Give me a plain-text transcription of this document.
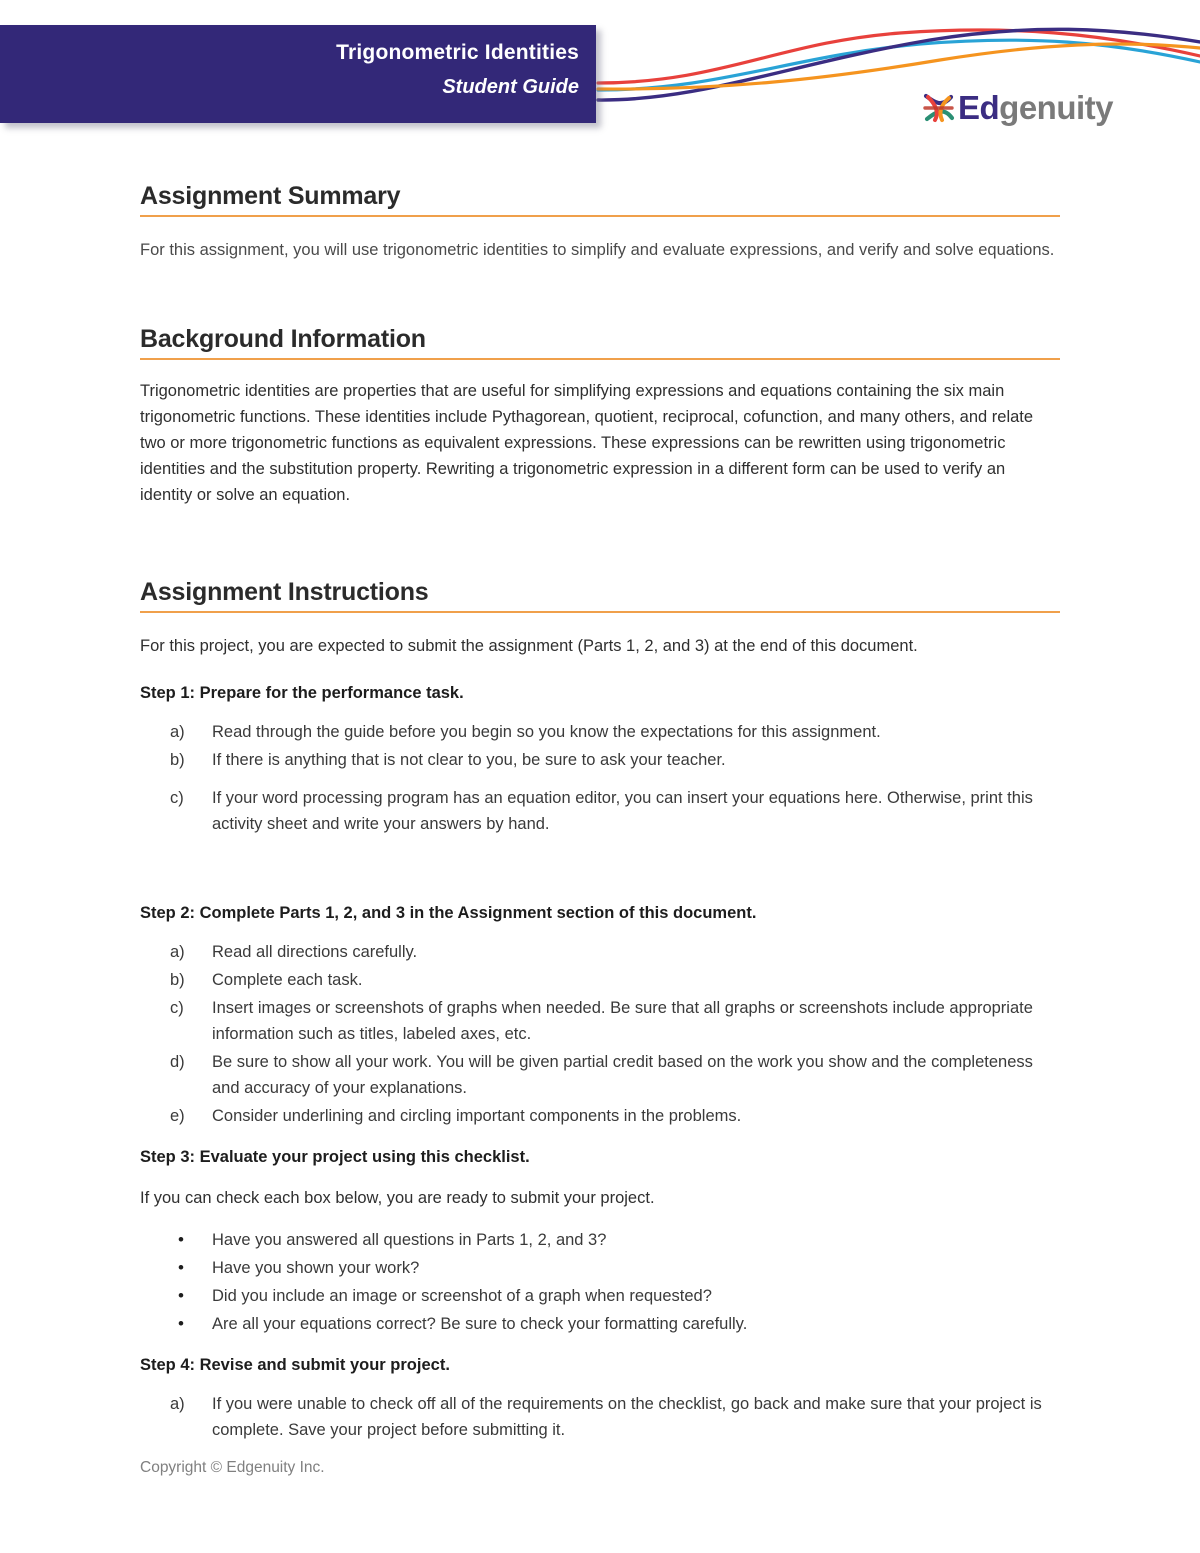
Trigonometric Identities
Student Guide
Edgenuity
Assignment Summary

For this assignment, you will use trigonometric identities to simplify and evaluate expressions, and verify and solve equations.

Background Information

Trigonometric identities are properties that are useful for simplifying expressions and equations containing the six main trigonometric functions. These identities include Pythagorean, quotient, reciprocal, cofunction, and many others, and relate two or more trigonometric functions as equivalent expressions. These expressions can be rewritten using trigonometric identities and the substitution property. Rewriting a trigonometric expression in a different form can be used to verify an identity or solve an equation.

Assignment Instructions

For this project, you are expected to submit the assignment (Parts 1, 2, and 3) at the end of this document.

Step 1: Prepare for the performance task.

a)	Read through the guide before you begin so you know the expectations for this assignment.
b)	If there is anything that is not clear to you, be sure to ask your teacher.
c)	If your word processing program has an equation editor, you can insert your equations here. Otherwise, print this activity sheet and write your answers by hand.

Step 2: Complete Parts 1, 2, and 3 in the Assignment section of this document.

a)	Read all directions carefully.
b)	Complete each task.
c)	Insert images or screenshots of graphs when needed. Be sure that all graphs or screenshots include appropriate information such as titles, labeled axes, etc.
d)	Be sure to show all your work. You will be given partial credit based on the work you show and the completeness and accuracy of your explanations.
e)	Consider underlining and circling important components in the problems.

Step 3: Evaluate your project using this checklist.

If you can check each box below, you are ready to submit your project.

• Have you answered all questions in Parts 1, 2, and 3?
• Have you shown your work?
• Did you include an image or screenshot of a graph when requested?
• Are all your equations correct? Be sure to check your formatting carefully.

Step 4: Revise and submit your project.

a)	If you were unable to check off all of the requirements on the checklist, go back and make sure that your project is complete. Save your project before submitting it.
Copyright © Edgenuity Inc.
